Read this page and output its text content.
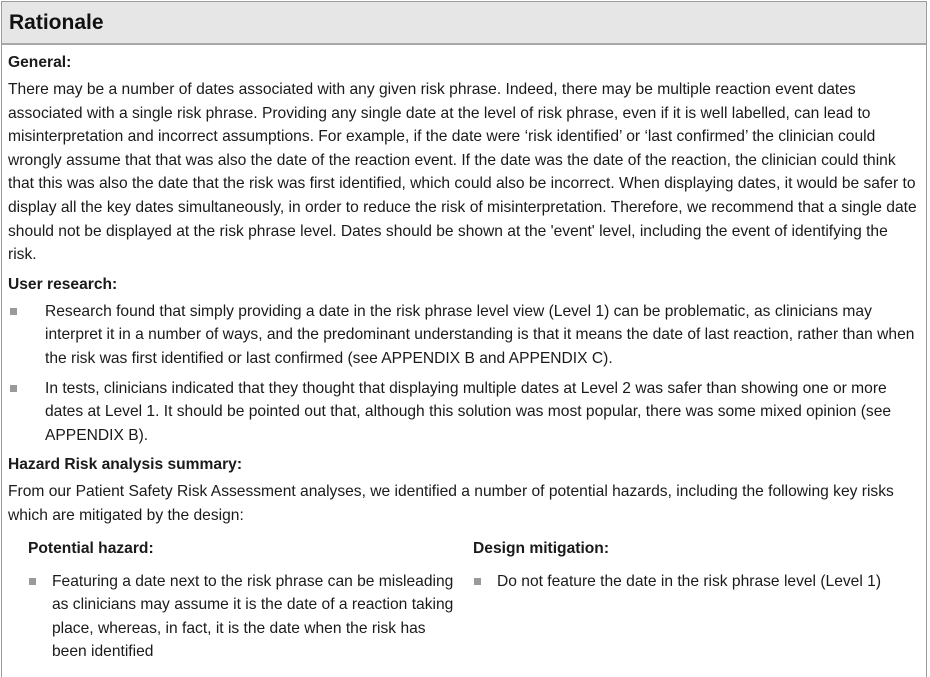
Rationale
General:

There may be a number of dates associated with any given risk phrase. Indeed, there may be multiple reaction event dates associated with a single risk phrase. Providing any single date at the level of risk phrase, even if it is well labelled, can lead to misinterpretation and incorrect assumptions. For example, if the date were ‘risk identified’ or ‘last confirmed’ the clinician could wrongly assume that that was also the date of the reaction event. If the date was the date of the reaction, the clinician could think that this was also the date that the risk was first identified, which could also be incorrect. When displaying dates, it would be safer to display all the key dates simultaneously, in order to reduce the risk of misinterpretation. Therefore, we recommend that a single date should not be displayed at the risk phrase level. Dates should be shown at the 'event' level, including the event of identifying the risk.

User research:
Research found that simply providing a date in the risk phrase level view (Level 1) can be problematic, as clinicians may interpret it in a number of ways, and the predominant understanding is that it means the date of last reaction, rather than when the risk was first identified or last confirmed (see APPENDIX B and APPENDIX C).
In tests, clinicians indicated that they thought that displaying multiple dates at Level 2 was safer than showing one or more dates at Level 1. It should be pointed out that, although this solution was most popular, there was some mixed opinion (see APPENDIX B).
Hazard Risk analysis summary:

From our Patient Safety Risk Assessment analyses, we identified a number of potential hazards, including the following key risks which are mitigated by the design:

Potential hazard:
Featuring a date next to the risk phrase can be misleading as clinicians may assume it is the date of a reaction taking place, whereas, in fact, it is the date when the risk has been identified
Design mitigation:
Do not feature the date in the risk phrase level (Level 1)
